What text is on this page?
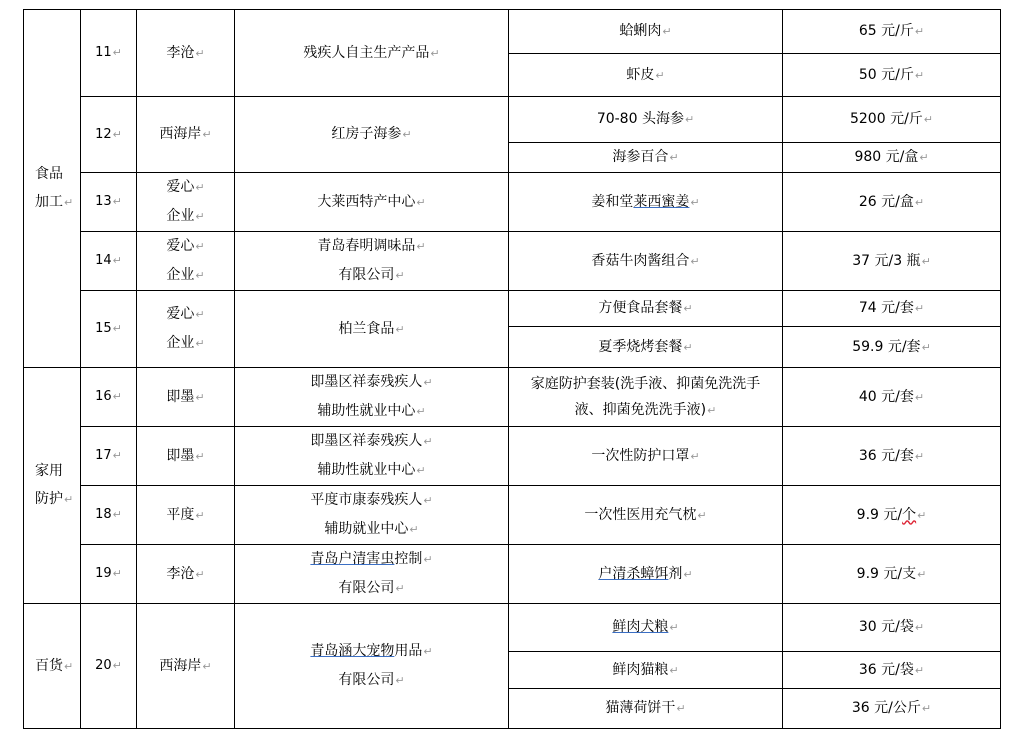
食品
加工↵	11↵	李沧↵	残疾人自主生产产品↵	蛤蜊肉↵	65 元/斤↵
				虾皮↵	50 元/斤↵
	12↵	西海岸↵	红房子海参↵	70-80 头海参↵	5200 元/斤↵
				海参百合↵	980 元/盒↵
	13↵	爱心↵
企业↵	大莱西特产中心↵	姜和堂莱西蜜姜↵	26 元/盒↵
	14↵	爱心↵
企业↵	青岛春明调味品↵
有限公司↵	香菇牛肉酱组合↵	37 元/3 瓶↵
	15↵	爱心↵
企业↵	柏兰食品↵	方便食品套餐↵	74 元/套↵
				夏季烧烤套餐↵	59.9 元/套↵

家用
防护↵	16↵	即墨↵	即墨区祥泰残疾人↵
辅助性就业中心↵	家庭防护套装(洗手液、抑菌免洗洗手
液、抑菌免洗洗手液)↵	40 元/套↵
	17↵	即墨↵	即墨区祥泰残疾人↵
辅助性就业中心↵	一次性防护口罩↵	36 元/套↵
	18↵	平度↵	平度市康泰残疾人↵
辅助就业中心↵	一次性医用充气枕↵	9.9 元/个↵
	19↵	李沧↵	青岛户清害虫控制↵
有限公司↵	户清杀蟑饵剂↵	9.9 元/支↵

百货↵	20↵	西海岸↵	青岛涵大宠物用品↵
有限公司↵	鲜肉犬粮↵	30 元/袋↵
				鲜肉猫粮↵	36 元/袋↵
				猫薄荷饼干↵	36 元/公斤↵
